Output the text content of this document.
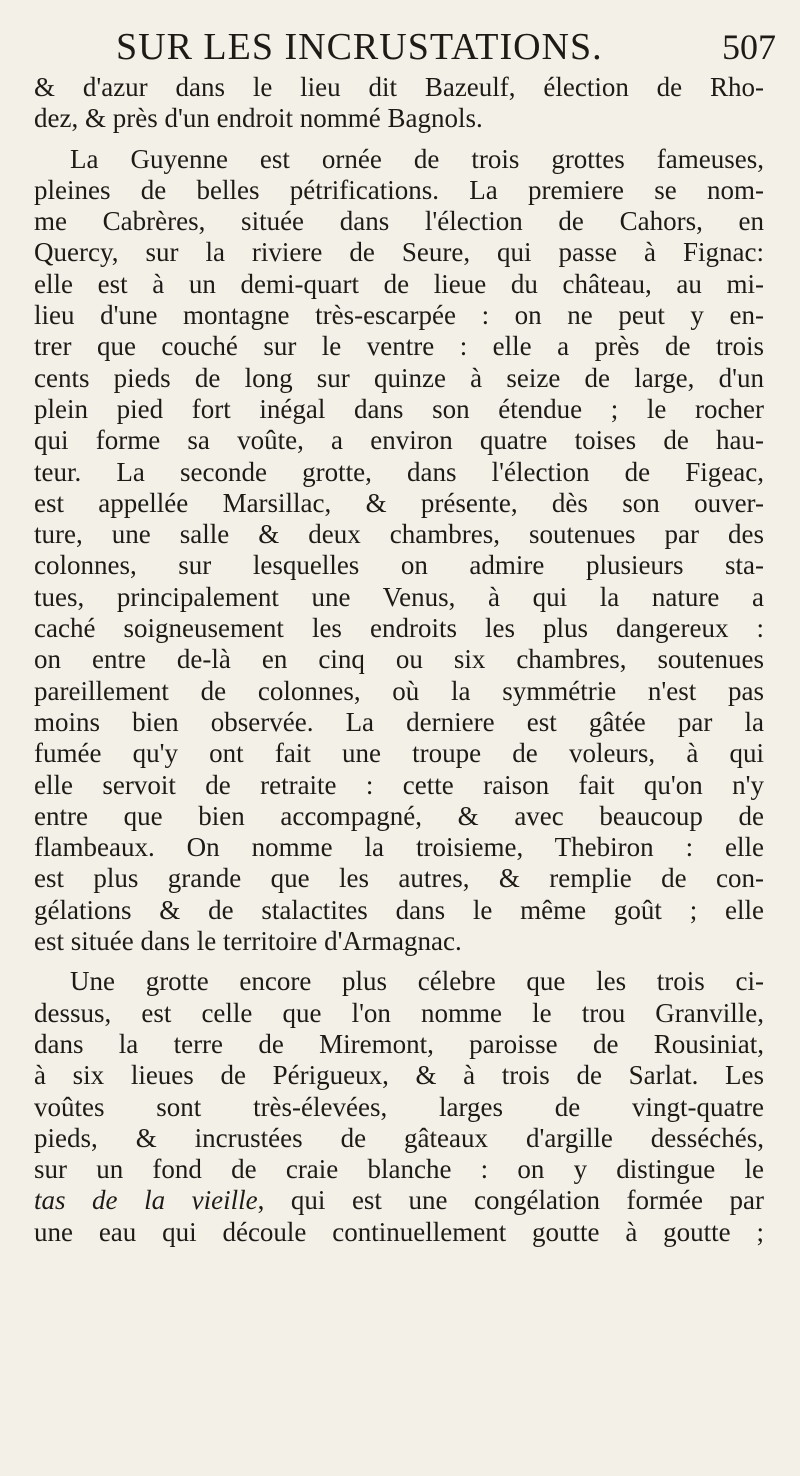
SUR LES INCRUSTATIONS.	507
& d'azur dans le lieu dit Bazeulf, élection de Rho-
dez, & près d'un endroit nommé Bagnols.
La Guyenne est ornée de trois grottes fameuses,
pleines de belles pétrifications. La premiere se nom-
me Cabrères, située dans l'élection de Cahors, en
Quercy, sur la riviere de Seure, qui passe à Fignac:
elle est à un demi-quart de lieue du château, au mi-
lieu d'une montagne très-escarpée : on ne peut y en-
trer que couché sur le ventre : elle a près de trois
cents pieds de long sur quinze à seize de large, d'un
plein pied fort inégal dans son étendue ; le rocher
qui forme sa voûte, a environ quatre toises de hau-
teur. La seconde grotte, dans l'élection de Figeac,
est appellée Marsillac, & présente, dès son ouver-
ture, une salle & deux chambres, soutenues par des
colonnes, sur lesquelles on admire plusieurs sta-
tues, principalement une Venus, à qui la nature a
caché soigneusement les endroits les plus dangereux :
on entre de-là en cinq ou six chambres, soutenues
pareillement de colonnes, où la symmétrie n'est pas
moins bien observée. La derniere est gâtée par la
fumée qu'y ont fait une troupe de voleurs, à qui
elle servoit de retraite : cette raison fait qu'on n'y
entre que bien accompagné, & avec beaucoup de
flambeaux. On nomme la troisieme, Thebiron : elle
est plus grande que les autres, & remplie de con-
gélations & de stalactites dans le même goût ; elle
est située dans le territoire d'Armagnac.
Une grotte encore plus célebre que les trois ci-
dessus, est celle que l'on nomme le trou Granville,
dans la terre de Miremont, paroisse de Rousiniat,
à six lieues de Périgueux, & à trois de Sarlat. Les
voûtes sont très-élevées, larges de vingt-quatre
pieds, & incrustées de gâteaux d'argille desséchés,
sur un fond de craie blanche : on y distingue le
tas de la vieille, qui est une congélation formée par
une eau qui découle continuellement goutte à goutte ;
